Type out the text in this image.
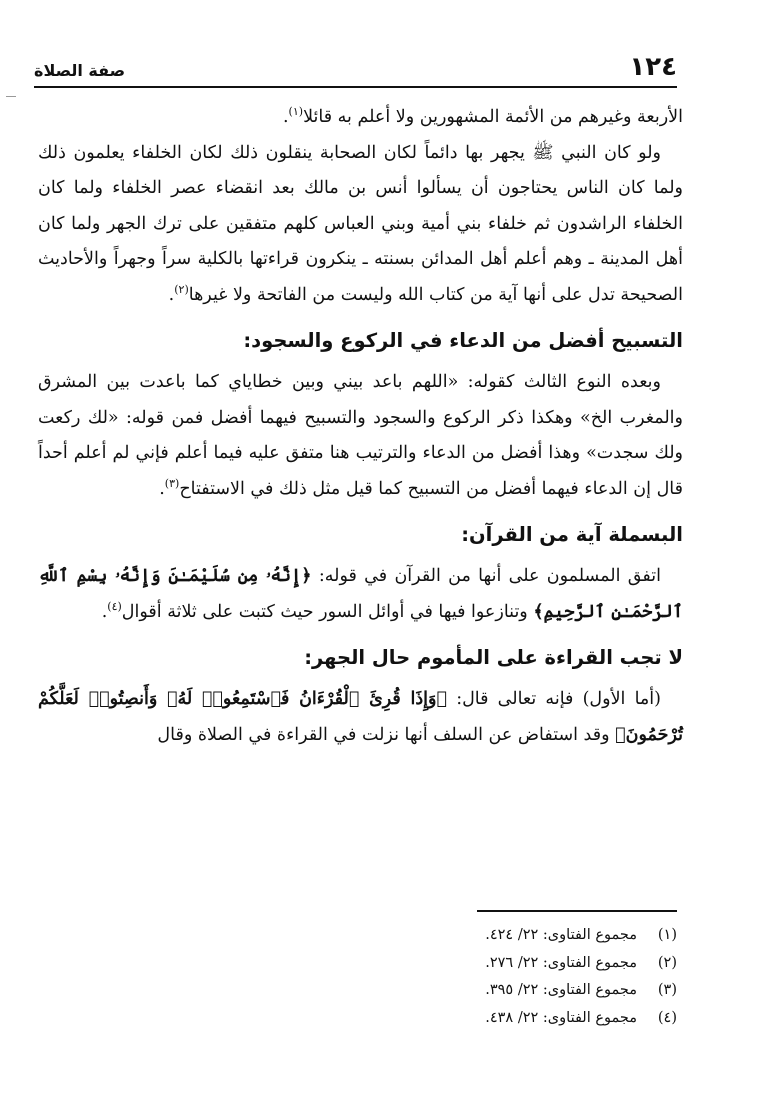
١٢٤
صفة الصلاة

الأربعة وغيرهم من الأئمة المشهورين ولا أعلم به قائلا$^{(١)}$.

ولو كان النبي ﷺ يجهر بها دائماً لكان الصحابة ينقلون ذلك لكان الخلفاء يعلمون ذلك ولما كان الناس يحتاجون أن يسألوا أنس بن مالك بعد انقضاء عصر الخلفاء ولما كان الخلفاء الراشدون ثم خلفاء بني أمية وبني العباس كلهم متفقين على ترك الجهر ولما كان أهل المدينة ـ وهم أعلم أهل المدائن بسنته ـ ينكرون قراءتها بالكلية سراً وجهراً والأحاديث الصحيحة تدل على أنها آية من كتاب الله وليست من الفاتحة ولا غيرها$^{(٢)}$.

التسبيح أفضل من الدعاء في الركوع والسجود:

وبعده النوع الثالث كقوله: «اللهم باعد بيني وبين خطاياي كما باعدت بين المشرق والمغرب الخ» وهكذا ذكر الركوع والسجود والتسبيح فيهما أفضل فمن قوله: «لك ركعت ولك سجدت» وهذا أفضل من الدعاء والترتيب هنا متفق عليه فيما أعلم فإني لم أعلم أحداً قال إن الدعاء فيهما أفضل من التسبيح كما قيل مثل ذلك في الاستفتاح$^{(٣)}$.

البسملة آية من القرآن:

اتفق المسلمون على أنها من القرآن في قوله: ﴿إِنَّهُۥ مِن سُلَيْمَـٰنَ وَإِنَّهُۥ بِسْمِ ٱللَّهِ ٱلرَّحْمَـٰنِ ٱلرَّحِيمِ﴾ وتنازعوا فيها في أوائل السور حيث كتبت على ثلاثة أقوال$^{(٤)}$.

لا تجب القراءة على المأموم حال الجهر:

(أما الأول) فإنه تعالى قال: ﴿وَإِذَا قُرِئَ ٱلْقُرْءَانُ فَٱسْتَمِعُوا۟ لَهُۥ وَأَنصِتُوا۟ لَعَلَّكُمْ تُرْحَمُونَ﴾ وقد استفاض عن السلف أنها نزلت في القراءة في الصلاة وقال

(١)مجموع الفتاوى: ٢٢/ ٤٢٤.
(٢)مجموع الفتاوى: ٢٢/ ٢٧٦.
(٣)مجموع الفتاوى: ٢٢/ ٣٩٥.
(٤)مجموع الفتاوى: ٢٢/ ٤٣٨.
